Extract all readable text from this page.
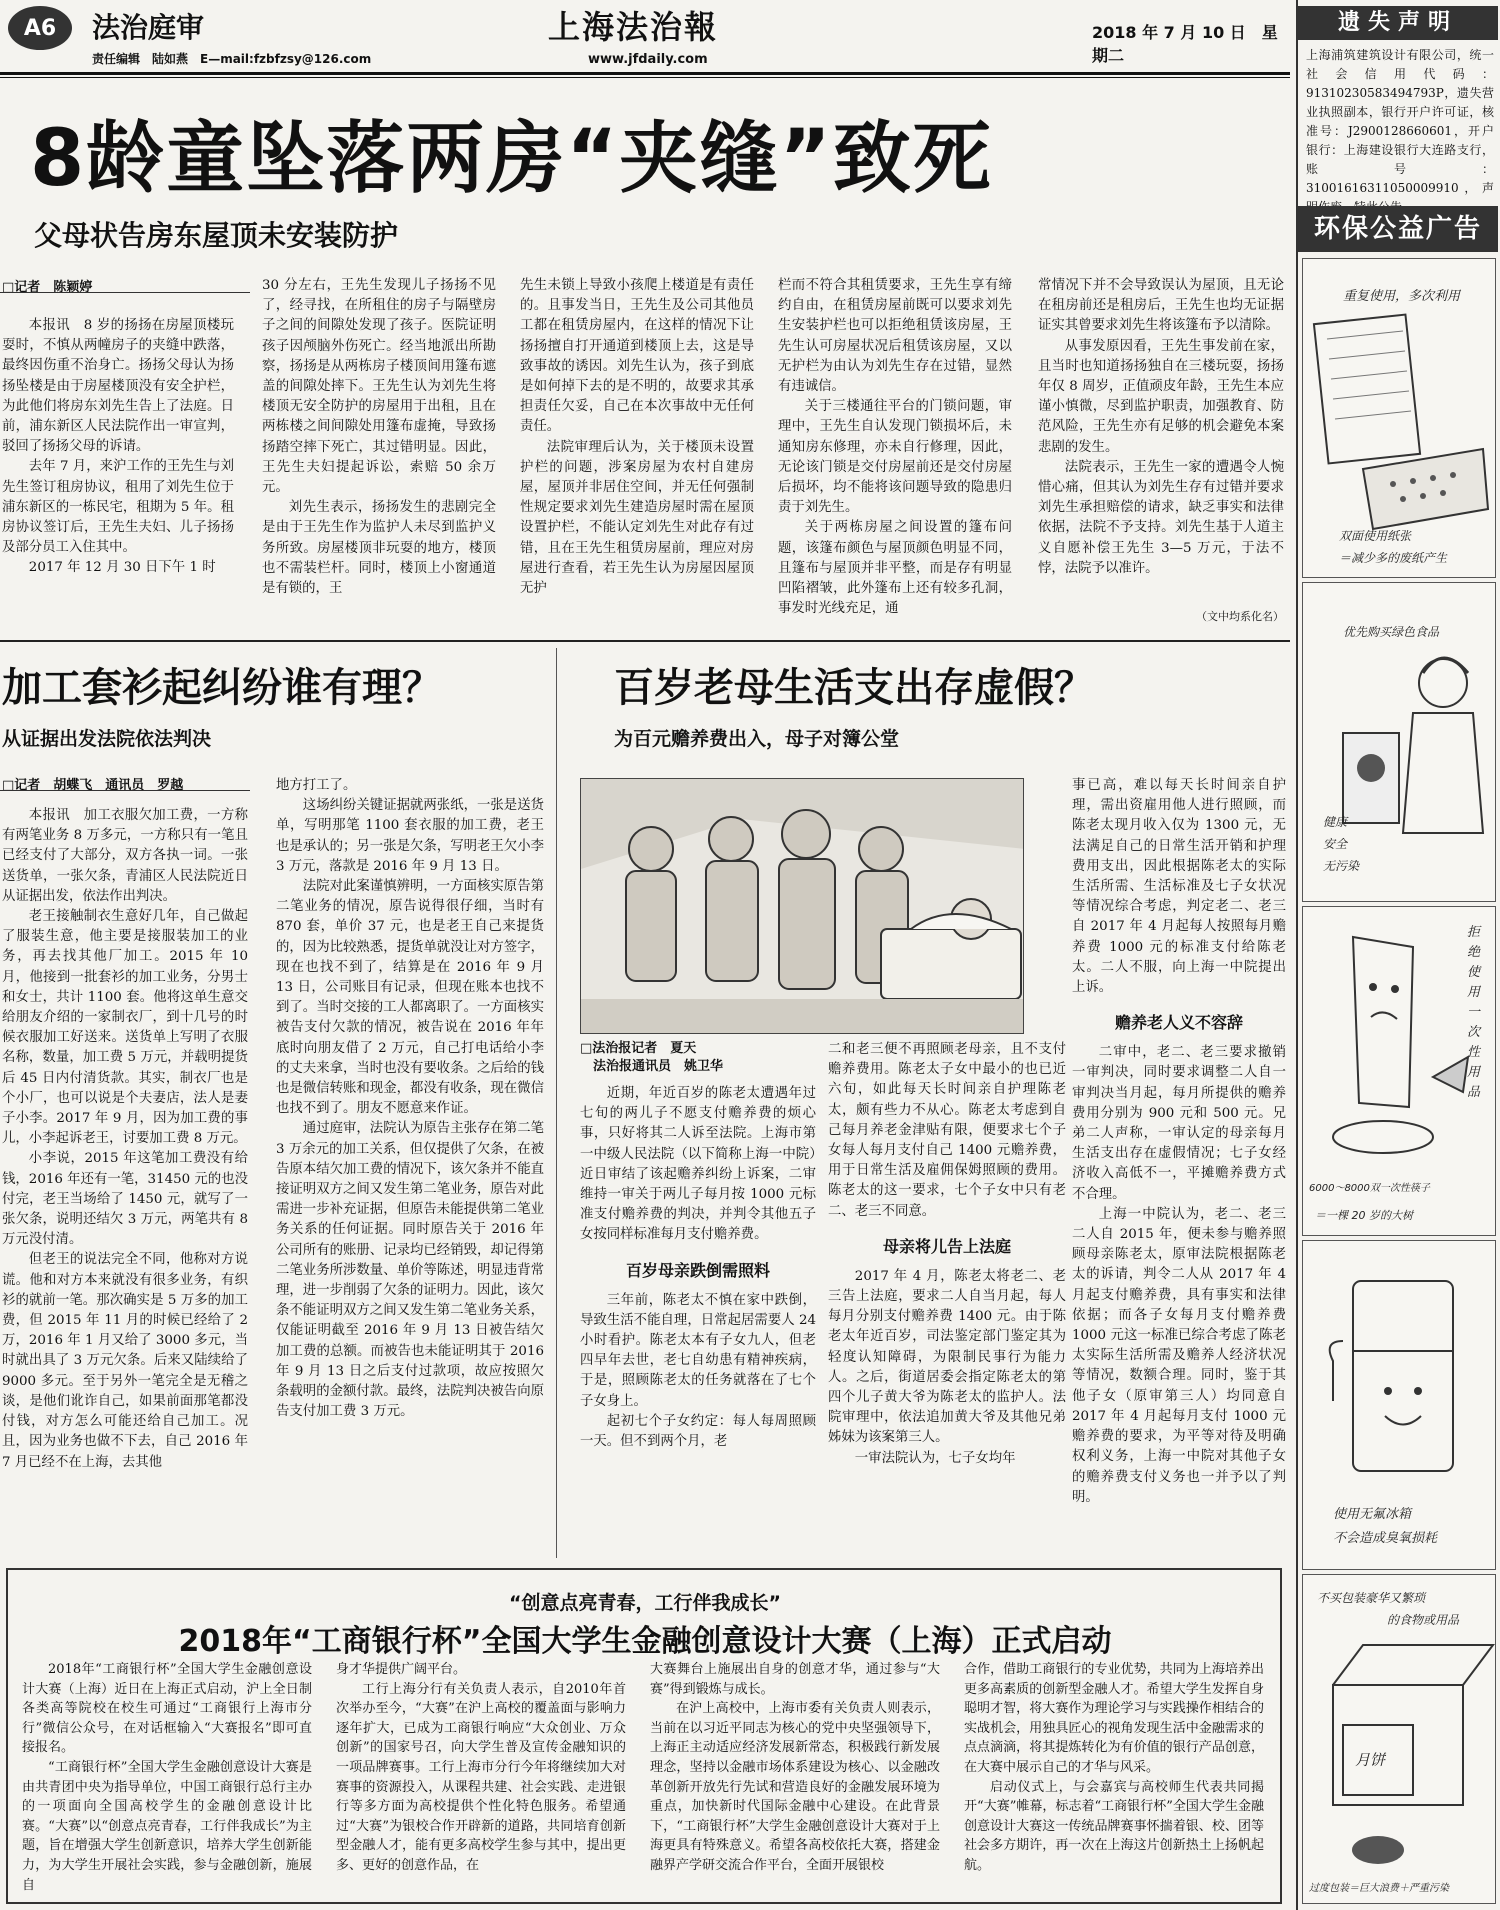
A6	法治庭审
责任编辑　陆如燕　E—mail:fzbfzsy@126.com
上海法治報
www.jfdaily.com
2018 年 7 月 10 日　星期二
8龄童坠落两房“夹缝”致死
父母状告房东屋顶未安装防护
□记者　陈颖婷

本报讯　8 岁的扬扬在房屋顶楼玩耍时，不慎从两幢房子的夹缝中跌落，最终因伤重不治身亡。扬扬父母认为扬扬坠楼是由于房屋楼顶没有安全护栏，为此他们将房东刘先生告上了法庭。日前，浦东新区人民法院作出一审宣判，驳回了扬扬父母的诉请。

去年 7 月，来沪工作的王先生与刘先生签订租房协议，租用了刘先生位于浦东新区的一栋民宅，租期为 5 年。租房协议签订后，王先生夫妇、儿子扬扬及部分员工入住其中。

2017 年 12 月 30 日下午 1 时

30 分左右，王先生发现儿子扬扬不见了，经寻找，在所租住的房子与隔壁房子之间的间隙处发现了孩子。医院证明孩子因颅脑外伤死亡。经当地派出所勘察，扬扬是从两栋房子楼顶间用篷布遮盖的间隙处摔下。王先生认为刘先生将楼顶无安全防护的房屋用于出租，且在两栋楼之间间隙处用篷布虚掩，导致扬扬踏空摔下死亡，其过错明显。因此，王先生夫妇提起诉讼，索赔 50 余万元。

刘先生表示，扬扬发生的悲剧完全是由于王先生作为监护人未尽到监护义务所致。房屋楼顶非玩耍的地方，楼顶也不需装栏杆。同时，楼顶上小窗通道是有锁的，王

先生未锁上导致小孩爬上楼道是有责任的。且事发当日，王先生及公司其他员工都在租赁房屋内，在这样的情况下让扬扬擅自打开通道到楼顶上去，这是导致事故的诱因。刘先生认为，孩子到底是如何掉下去的是不明的，故要求其承担责任欠妥，自己在本次事故中无任何责任。

法院审理后认为，关于楼顶未设置护栏的问题，涉案房屋为农村自建房屋，屋顶并非居住空间，并无任何强制性规定要求刘先生建造房屋时需在屋顶设置护栏，不能认定刘先生对此存有过错，且在王先生租赁房屋前，理应对房屋进行查看，若王先生认为房屋因屋顶无护

栏而不符合其租赁要求，王先生享有缔约自由，在租赁房屋前既可以要求刘先生安装护栏也可以拒绝租赁该房屋，王先生认可房屋状况后租赁该房屋，又以无护栏为由认为刘先生存在过错，显然有违诚信。

关于三楼通往平台的门锁问题，审理中，王先生自认发现门锁损坏后，未通知房东修理，亦未自行修理，因此，无论该门锁是交付房屋前还是交付房屋后损坏，均不能将该问题导致的隐患归责于刘先生。

关于两栋房屋之间设置的篷布问题，该篷布颜色与屋顶颜色明显不同，且篷布与屋顶并非平整，而是存有明显凹陷褶皱，此外篷布上还有较多孔洞，事发时光线充足，通

常情况下并不会导致误认为屋顶，且无论在租房前还是租房后，王先生也均无证据证实其曾要求刘先生将该篷布予以清除。

从事发原因看，王先生事发前在家，且当时也知道扬扬独自在三楼玩耍，扬扬年仅 8 周岁，正值顽皮年龄，王先生本应谨小慎微，尽到监护职责，加强教育、防范风险，王先生亦有足够的机会避免本案悲剧的发生。

法院表示，王先生一家的遭遇令人惋惜心痛，但其认为刘先生存有过错并要求刘先生承担赔偿的请求，缺乏事实和法律依据，法院不予支持。刘先生基于人道主义自愿补偿王先生 3—5 万元，于法不悖，法院予以准许。

（文中均系化名）
加工套衫起纠纷谁有理？
从证据出发法院依法判决
□记者　胡蝶飞　通讯员　罗越

本报讯　加工衣服欠加工费，一方称有两笔业务 8 万多元，一方称只有一笔且已经支付了大部分，双方各执一词。一张送货单，一张欠条，青浦区人民法院近日从证据出发，依法作出判决。

老王接触制衣生意好几年，自己做起了服装生意，他主要是接服装加工的业务，再去找其他厂加工。2015 年 10 月，他接到一批套衫的加工业务，分男士和女士，共计 1100 套。他将这单生意交给朋友介绍的一家制衣厂，到十几号的时候衣服加工好送来。送货单上写明了衣服名称，数量，加工费 5 万元，并载明提货后 45 日内付清货款。其实，制衣厂也是个小厂，也可以说是个夫妻店，法人是妻子小李。2017 年 9 月，因为加工费的事儿，小李起诉老王，讨要加工费 8 万元。

小李说，2015 年这笔加工费没有给钱，2016 年还有一笔，31450 元的也没付完，老王当场给了 1450 元，就写了一张欠条，说明还结欠 3 万元，两笔共有 8 万元没付清。

但老王的说法完全不同，他称对方说谎。他和对方本来就没有很多业务，有织衫的就前一笔。那次确实是 5 万多的加工费，但 2015 年 11 月的时候已经给了 2 万，2016 年 1 月又给了 3000 多元，当时就出具了 3 万元欠条。后来又陆续给了 9000 多元。至于另外一笔完全是无稽之谈，是他们讹诈自己，如果前面那笔都没付钱，对方怎么可能还给自己加工。况且，因为业务也做不下去，自己 2016 年 7 月已经不在上海，去其他

地方打工了。

这场纠纷关键证据就两张纸，一张是送货单，写明那笔 1100 套衣服的加工费，老王也是承认的；另一张是欠条，写明老王欠小李 3 万元，落款是 2016 年 9 月 13 日。

法院对此案谨慎辨明，一方面核实原告第二笔业务的情况，原告说得很仔细，当时有 870 套，单价 37 元，也是老王自己来提货的，因为比较熟悉，提货单就没让对方签字，现在也找不到了，结算是在 2016 年 9 月 13 日，公司账目有记录，但现在账本也找不到了。当时交接的工人都离职了。一方面核实被告支付欠款的情况，被告说在 2016 年年底时向朋友借了 2 万元，自己打电话给小李的丈夫来拿，当时也没有要收条。之后给的钱也是微信转账和现金，都没有收条，现在微信也找不到了。朋友不愿意来作证。

通过庭审，法院认为原告主张存在第二笔 3 万余元的加工关系，但仅提供了欠条，在被告原本结欠加工费的情况下，该欠条并不能直接证明双方之间又发生第二笔业务，原告对此需进一步补充证据，但原告未能提供第二笔业务关系的任何证据。同时原告关于 2016 年公司所有的账册、记录均已经销毁，却记得第二笔业务所涉数量、单价等陈述，明显违背常理，进一步削弱了欠条的证明力。因此，该欠条不能证明双方之间又发生第二笔业务关系，仅能证明截至 2016 年 9 月 13 日被告结欠加工费的总额。而被告也未能证明其于 2016 年 9 月 13 日之后支付过款项，故应按照欠条载明的金额付款。最终，法院判决被告向原告支付加工费 3 万元。

百岁老母生活支出存虚假？
为百元赡养费出入，母子对簿公堂
□法治报记者　夏天
　法治报通讯员　姚卫华

近期，年近百岁的陈老太遭遇年过七旬的两儿子不愿支付赡养费的烦心事，只好将其二人诉至法院。上海市第一中级人民法院（以下简称上海一中院）近日审结了该起赡养纠纷上诉案，二审维持一审关于两儿子每月按 1000 元标准支付赡养费的判决，并判令其他五子女按同样标准每月支付赡养费。

百岁母亲跌倒需照料

三年前，陈老太不慎在家中跌倒，导致生活不能自理，日常起居需要人 24 小时看护。陈老太本有子女九人，但老四早年去世，老七自幼患有精神疾病，于是，照顾陈老太的任务就落在了七个子女身上。

起初七个子女约定：每人每周照顾一天。但不到两个月，老

二和老三便不再照顾老母亲，且不支付赡养费用。陈老太子女中最小的也已近六旬，如此每天长时间亲自护理陈老太，颇有些力不从心。陈老太考虑到自己每月养老金津贴有限，便要求七个子女每人每月支付自己 1400 元赡养费，用于日常生活及雇佣保姆照顾的费用。陈老太的这一要求，七个子女中只有老二、老三不同意。

母亲将儿告上法庭

2017 年 4 月，陈老太将老二、老三告上法庭，要求二人自当月起，每人每月分别支付赡养费 1400 元。由于陈老太年近百岁，司法鉴定部门鉴定其为轻度认知障碍，为限制民事行为能力人。之后，街道居委会指定陈老太的第四个儿子黄大爷为陈老太的监护人。法院审理中，依法追加黄大爷及其他兄弟姊妹为该案第三人。

一审法院认为，七子女均年

事已高，难以每天长时间亲自护理，需出资雇用他人进行照顾，而陈老太现月收入仅为 1300 元，无法满足自己的日常生活开销和护理费用支出，因此根据陈老太的实际生活所需、生活标准及七子女状况等情况综合考虑，判定老二、老三自 2017 年 4 月起每人按照每月赡养费 1000 元的标准支付给陈老太。二人不服，向上海一中院提出上诉。

赡养老人义不容辞

二审中，老二、老三要求撤销一审判决，同时要求调整二人自一审判决当月起，每月所提供的赡养费用分别为 900 元和 500 元。兄弟二人声称，一审认定的母亲每月生活支出存在虚假情况；七子女经济收入高低不一，平摊赡养费方式不合理。

上海一中院认为，老二、老三二人自 2015 年，便未参与赡养照顾母亲陈老太，原审法院根据陈老太的诉请，判令二人从 2017 年 4 月起支付赡养费，具有事实和法律依据；而各子女每月支付赡养费 1000 元这一标准已综合考虑了陈老太实际生活所需及赡养人经济状况等情况，数额合理。同时，鉴于其他子女（原审第三人）均同意自 2017 年 4 月起每月支付 1000 元赡养费的要求，为平等对待及明确权利义务，上海一中院对其他子女的赡养费支付义务也一并予以了判明。

“创意点亮青春，工行伴我成长”
2018年“工商银行杯”全国大学生金融创意设计大赛（上海）正式启动

2018年“工商银行杯”全国大学生金融创意设计大赛（上海）近日在上海正式启动，沪上全日制各类高等院校在校生可通过“工商银行上海市分行”微信公众号，在对话框输入“大赛报名”即可直接报名。

“工商银行杯”全国大学生金融创意设计大赛是由共青团中央为指导单位，中国工商银行总行主办的一项面向全国高校学生的金融创意设计比赛。“大赛”以“创意点亮青春，工行伴我成长”为主题，旨在增强大学生创新意识，培养大学生创新能力，为大学生开展社会实践，参与金融创新，施展自

身才华提供广阔平台。

工行上海分行有关负责人表示，自2010年首次举办至今，“大赛”在沪上高校的覆盖面与影响力逐年扩大，已成为工商银行响应“大众创业、万众创新”的国家号召，向大学生普及宣传金融知识的一项品牌赛事。工行上海市分行今年将继续加大对赛事的资源投入，从课程共建、社会实践、走进银行等多方面为高校提供个性化特色服务。希望通过“大赛”为银校合作开辟新的道路，共同培育创新型金融人才，能有更多高校学生参与其中，提出更多、更好的创意作品，在

大赛舞台上施展出自身的创意才华，通过参与“大赛”得到锻炼与成长。

在沪上高校中，上海市委有关负责人则表示，当前在以习近平同志为核心的党中央坚强领导下，上海正主动适应经济发展新常态，积极践行新发展理念，坚持以金融市场体系建设为核心、以金融改革创新开放先行先试和营造良好的金融发展环境为重点，加快新时代国际金融中心建设。在此背景下，“工商银行杯”大学生金融创意设计大赛对于上海更具有特殊意义。希望各高校依托大赛，搭建金融界产学研交流合作平台，全面开展银校

合作，借助工商银行的专业优势，共同为上海培养出更多高素质的创新型金融人才。希望大学生发挥自身聪明才智，将大赛作为理论学习与实践操作相结合的实战机会，用独具匠心的视角发现生活中金融需求的点点滴滴，将其提炼转化为有价值的银行产品创意，在大赛中展示自己的才华与风采。

启动仪式上，与会嘉宾与高校师生代表共同揭开“大赛”帷幕，标志着“工商银行杯”全国大学生金融创意设计大赛这一传统品牌赛事怀揣着银、校、团等社会多方期许，再一次在上海这片创新热土上扬帆起航。

遗失声明
上海浦筑建筑设计有限公司，统一社会信用代码：91310230583494793P，遗失营业执照副本，银行开户许可证，核准号：J2900128660601，开户银行：上海建设银行大连路支行，账号：31001616311050009910，声
环保公益广告
重复使用，多次利用
双面使用纸张
＝减少多的废纸产生
优先购买绿色食品
健康
安全
无污染
拒
绝
使
用
一
次
性
用
品
6000～8000双一次性筷子
＝一棵 20 岁的大树
使用无氟冰箱
不会造成臭氧损耗
不买包装豪华又繁琐
的食物或用品
月饼
过度包装＝巨大浪费＋严重污染
